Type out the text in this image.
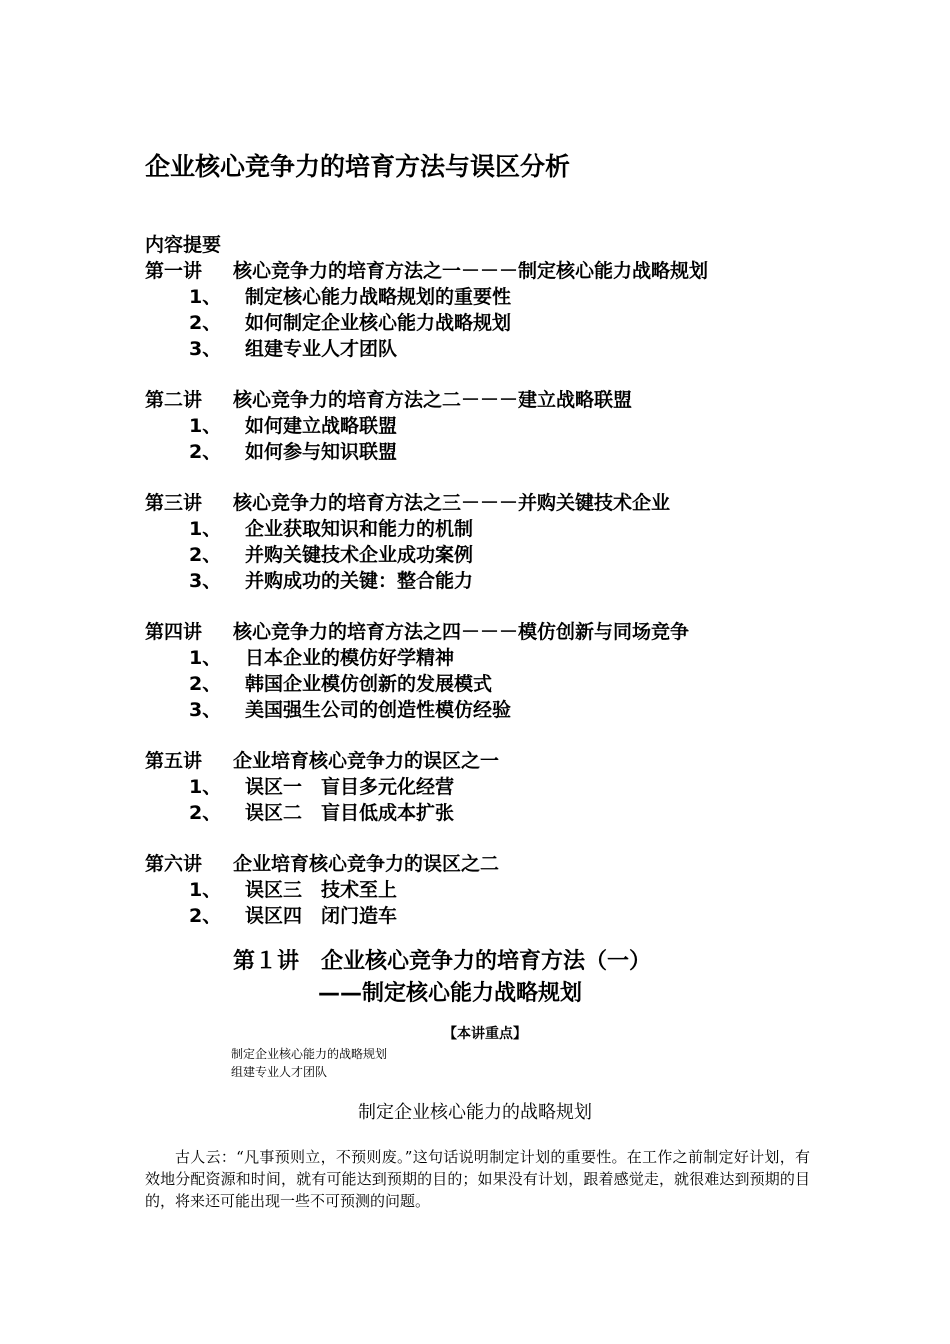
企业核心竞争力的培育方法与误区分析
内容提要
第一讲 核心竞争力的培育方法之一－－－制定核心能力战略规划
1、 制定核心能力战略规划的重要性
2、 如何制定企业核心能力战略规划
3、 组建专业人才团队
第二讲 核心竞争力的培育方法之二－－－建立战略联盟
1、 如何建立战略联盟
2、 如何参与知识联盟
第三讲 核心竞争力的培育方法之三－－－并购关键技术企业
1、 企业获取知识和能力的机制
2、 并购关键技术企业成功案例
3、 并购成功的关键：整合能力
第四讲 核心竞争力的培育方法之四－－－模仿创新与同场竞争
1、 日本企业的模仿好学精神
2、 韩国企业模仿创新的发展模式
3、 美国强生公司的创造性模仿经验
第五讲 企业培育核心竞争力的误区之一
1、 误区一　盲目多元化经营
2、 误区二　盲目低成本扩张
第六讲 企业培育核心竞争力的误区之二
1、 误区三　技术至上
2、 误区四　闭门造车
第１讲　企业核心竞争力的培育方法（一）
——制定核心能力战略规划
【本讲重点】
制定企业核心能力的战略规划
组建专业人才团队
制定企业核心能力的战略规划
古人云：“凡事预则立，不预则废。”这句话说明制定计划的重要性。在工作之前制定好计划，有效地分配资源和时间，就有可能达到预期的目的；如果没有计划，跟着感觉走，就很难达到预期的目的，将来还可能出现一些不可预测的问题。
